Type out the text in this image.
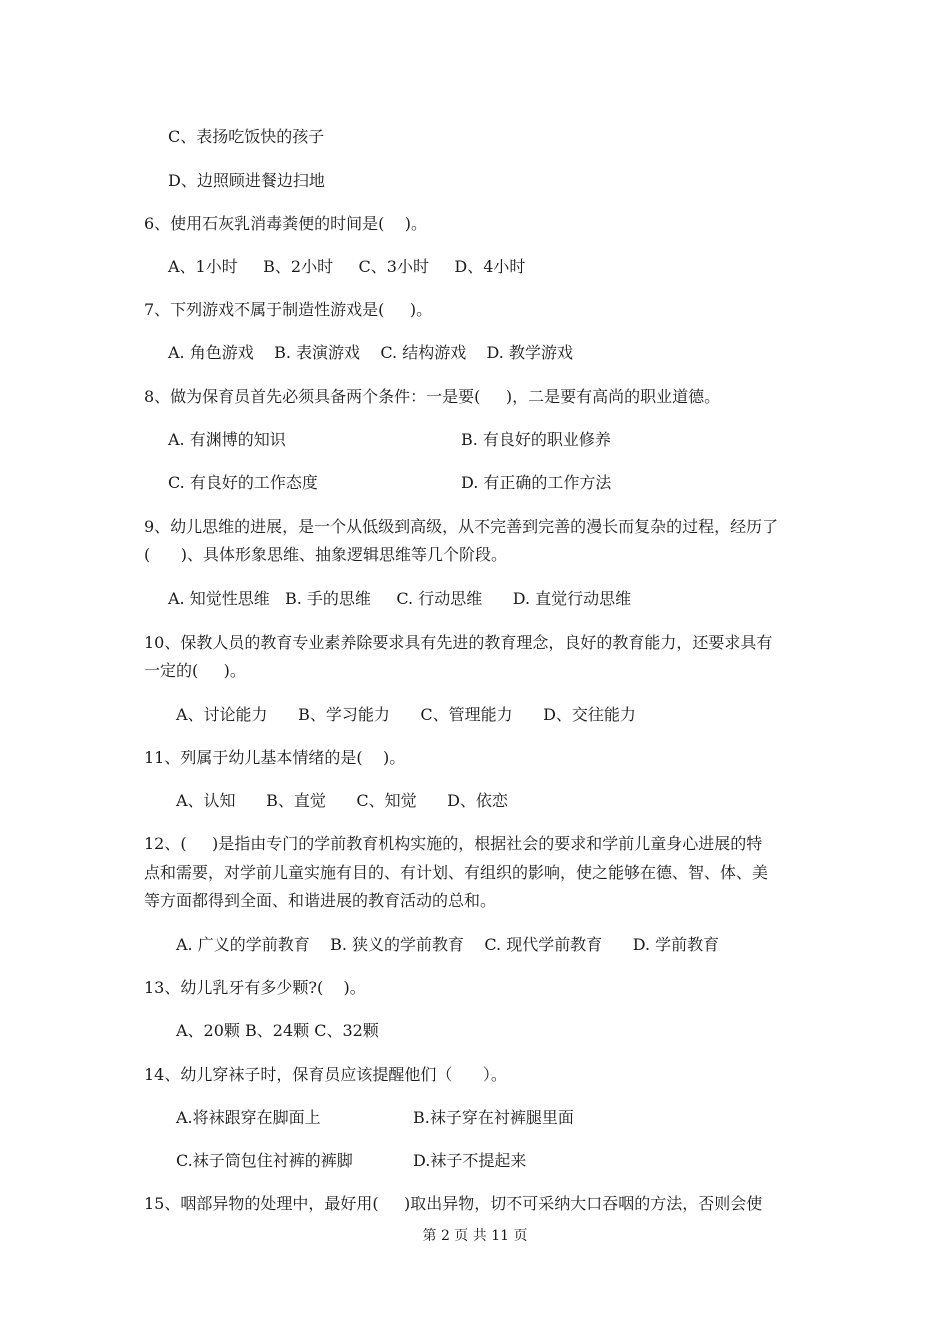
C、表扬吃饭快的孩子
D、边照顾进餐边扫地
6、使用石灰乳消毒粪便的时间是(    )。
A、1小时     B、2小时     C、3小时     D、4小时
7、下列游戏不属于制造性游戏是(     )。
A. 角色游戏    B. 表演游戏    C. 结构游戏    D. 教学游戏
8、做为保育员首先必须具备两个条件：一是要(     )，二是要有高尚的职业道德。
A. 有渊博的知识	B. 有良好的职业修养
C. 有良好的工作态度	D. 有正确的工作方法
9、幼儿思维的进展，是一个从低级到高级，从不完善到完善的漫长而复杂的过程，经历了
(      )、具体形象思维、抽象逻辑思维等几个阶段。
A. 知觉性思维   B. 手的思维     C. 行动思维      D. 直觉行动思维
10、保教人员的教育专业素养除要求具有先进的教育理念，良好的教育能力，还要求具有
一定的(     )。
A、讨论能力      B、学习能力      C、管理能力      D、交往能力
11、列属于幼儿基本情绪的是(    )。
A、认知      B、直觉      C、知觉      D、依恋
12、(     )是指由专门的学前教育机构实施的，根据社会的要求和学前儿童身心进展的特
点和需要，对学前儿童实施有目的、有计划、有组织的影响，使之能够在德、智、体、美
等方面都得到全面、和谐进展的教育活动的总和。
A. 广义的学前教育    B. 狭义的学前教育    C. 现代学前教育      D. 学前教育
13、幼儿乳牙有多少颗?(    )。
A、20颗 B、24颗 C、32颗
14、幼儿穿袜子时，保育员应该提醒他们（      ）。
A.将袜跟穿在脚面上	B.袜子穿在衬裤腿里面
C.袜子筒包住衬裤的裤脚	D.袜子不提起来
15、咽部异物的处理中，最好用(     )取出异物，切不可采纳大口吞咽的方法，否则会使
第 2 页 共 11 页
